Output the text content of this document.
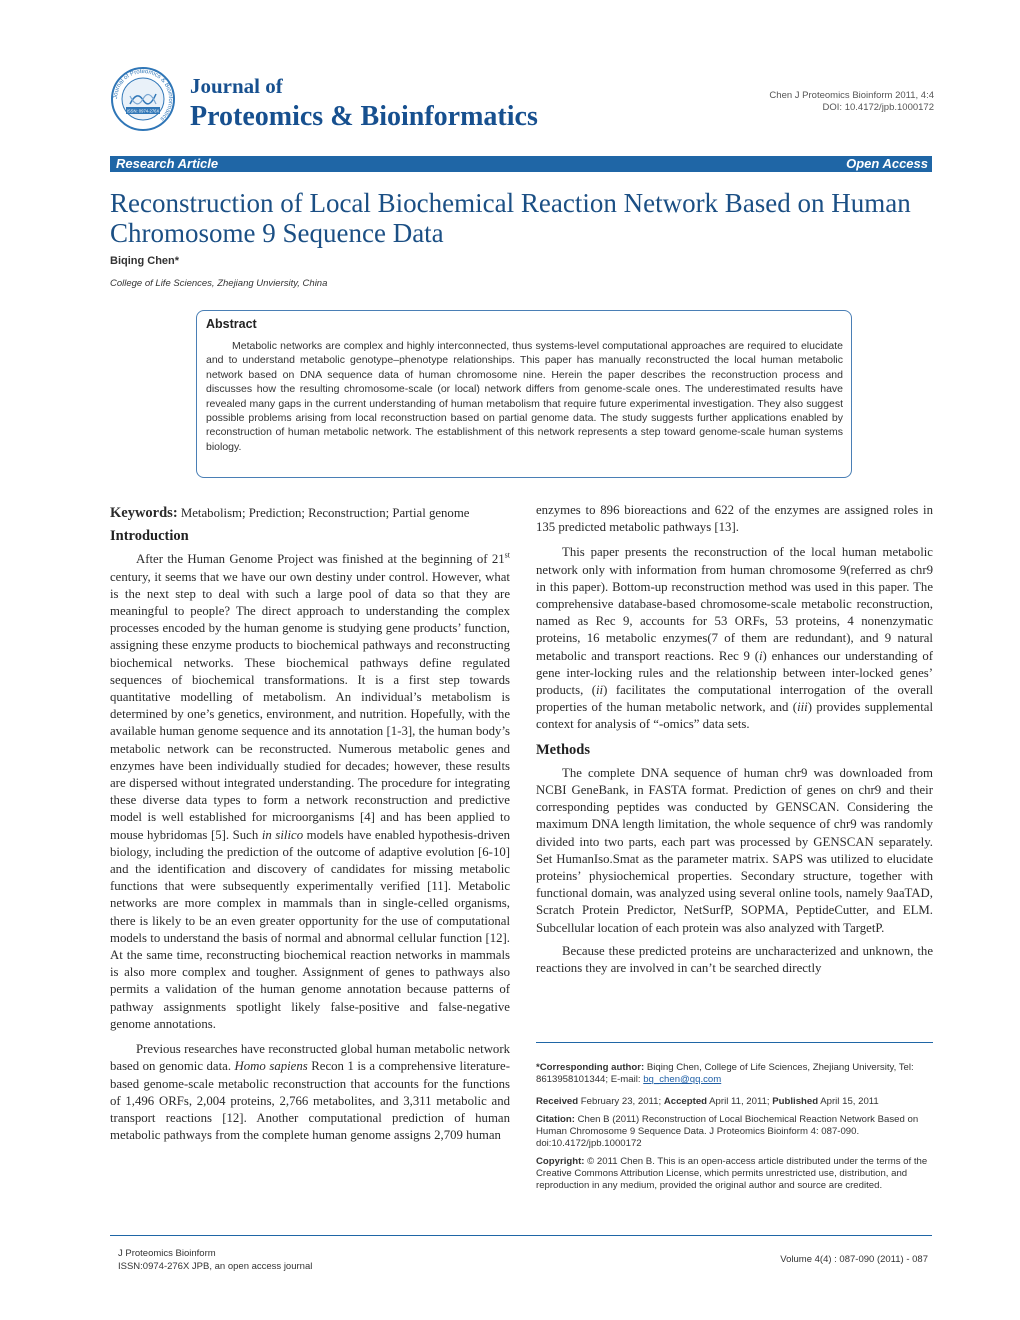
Journal of Proteomics & Bioinformatics
ISSN: 0974-276X
Journal of
Proteomics & Bioinformatics
Chen J Proteomics Bioinform 2011, 4:4
DOI: 10.4172/jpb.1000172
Research Article	Open Access
Reconstruction of Local Biochemical Reaction Network Based on Human Chromosome 9 Sequence Data
Biqing Chen*
College of Life Sciences, Zhejiang Unviersity, China
Abstract
Metabolic networks are complex and highly interconnected, thus systems-level computational approaches are required to elucidate and to understand metabolic genotype–phenotype relationships. This paper has manually reconstructed the local human metabolic network based on DNA sequence data of human chromosome nine. Herein the paper describes the reconstruction process and discusses how the resulting chromosome-scale (or local) network differs from genome-scale ones. The underestimated results have revealed many gaps in the current understanding of human metabolism that require future experimental investigation. They also suggest possible problems arising from local reconstruction based on partial genome data. The study suggests further applications enabled by reconstruction of human metabolic network. The establishment of this network represents a step toward genome-scale human systems biology.
Keywords: Metabolism; Prediction; Reconstruction; Partial genome
Introduction

After the Human Genome Project was finished at the beginning of 21st century, it seems that we have our own destiny under control. However, what is the next step to deal with such a large pool of data so that they are meaningful to people? The direct approach to understanding the complex processes encoded by the human genome is studying gene products’ function, assigning these enzyme products to biochemical pathways and reconstructing biochemical networks. These biochemical pathways define regulated sequences of biochemical transformations. It is a first step towards quantitative modelling of metabolism. An individual’s metabolism is determined by one’s genetics, environment, and nutrition. Hopefully, with the available human genome sequence and its annotation [1-3], the human body’s metabolic network can be reconstructed. Numerous metabolic genes and enzymes have been individually studied for decades; however, these results are dispersed without integrated understanding. The procedure for integrating these diverse data types to form a network reconstruction and predictive model is well established for microorganisms [4] and has been applied to mouse hybridomas [5]. Such in silico models have enabled hypothesis-driven biology, including the prediction of the outcome of adaptive evolution [6-10] and the identification and discovery of candidates for missing metabolic functions that were subsequently experimentally verified [11]. Metabolic networks are more complex in mammals than in single-celled organisms, there is likely to be an even greater opportunity for the use of computational models to understand the basis of normal and abnormal cellular function [12]. At the same time, reconstructing biochemical reaction networks in mammals is also more complex and tougher. Assignment of genes to pathways also permits a validation of the human genome annotation because patterns of pathway assignments spotlight likely false-positive and false-negative genome annotations.

Previous researches have reconstructed global human metabolic network based on genomic data. Homo sapiens Recon 1 is a comprehensive literature-based genome-scale metabolic reconstruction that accounts for the functions of 1,496 ORFs, 2,004 proteins, 2,766 metabolites, and 3,311 metabolic and transport reactions [12]. Another computational prediction of human metabolic pathways from the complete human genome assigns 2,709 human

enzymes to 896 bioreactions and 622 of the enzymes are assigned roles in 135 predicted metabolic pathways [13].

This paper presents the reconstruction of the local human metabolic network only with information from human chromosome 9(referred as chr9 in this paper). Bottom-up reconstruction method was used in this paper. The comprehensive database-based chromosome-scale metabolic reconstruction, named as Rec 9, accounts for 53 ORFs, 53 proteins, 4 nonenzymatic proteins, 16 metabolic enzymes(7 of them are redundant), and 9 natural metabolic and transport reactions. Rec 9 (i) enhances our understanding of gene inter-locking rules and the relationship between inter-locked genes’ products, (ii) facilitates the computational interrogation of the overall properties of the human metabolic network, and (iii) provides supplemental context for analysis of “-omics” data sets.

Methods

The complete DNA sequence of human chr9 was downloaded from NCBI GeneBank, in FASTA format. Prediction of genes on chr9 and their corresponding peptides was conducted by GENSCAN. Considering the maximum DNA length limitation, the whole sequence of chr9 was randomly divided into two parts, each part was processed by GENSCAN separately. Set HumanIso.Smat as the parameter matrix. SAPS was utilized to elucidate proteins’ physiochemical properties. Secondary structure, together with functional domain, was analyzed using several online tools, namely 9aaTAD, Scratch Protein Predictor, NetSurfP, SOPMA, PeptideCutter, and ELM. Subcellular location of each protein was also analyzed with TargetP.

Because these predicted proteins are uncharacterized and unknown, the reactions they are involved in can’t be searched directly

*Corresponding author: Biqing Chen, College of Life Sciences, Zhejiang University, Tel: 8613958101344; E-mail: bq_chen@qq.com

Received February 23, 2011; Accepted April 11, 2011; Published April 15, 2011

Citation: Chen B (2011) Reconstruction of Local Biochemical Reaction Network Based on Human Chromosome 9 Sequence Data. J Proteomics Bioinform 4: 087-090. doi:10.4172/jpb.1000172

Copyright: © 2011 Chen B. This is an open-access article distributed under the terms of the Creative Commons Attribution License, which permits unrestricted use, distribution, and reproduction in any medium, provided the original author and source are credited.

J Proteomics Bioinform
ISSN:0974-276X JPB, an open access journal
Volume 4(4) : 087-090 (2011) - 087
